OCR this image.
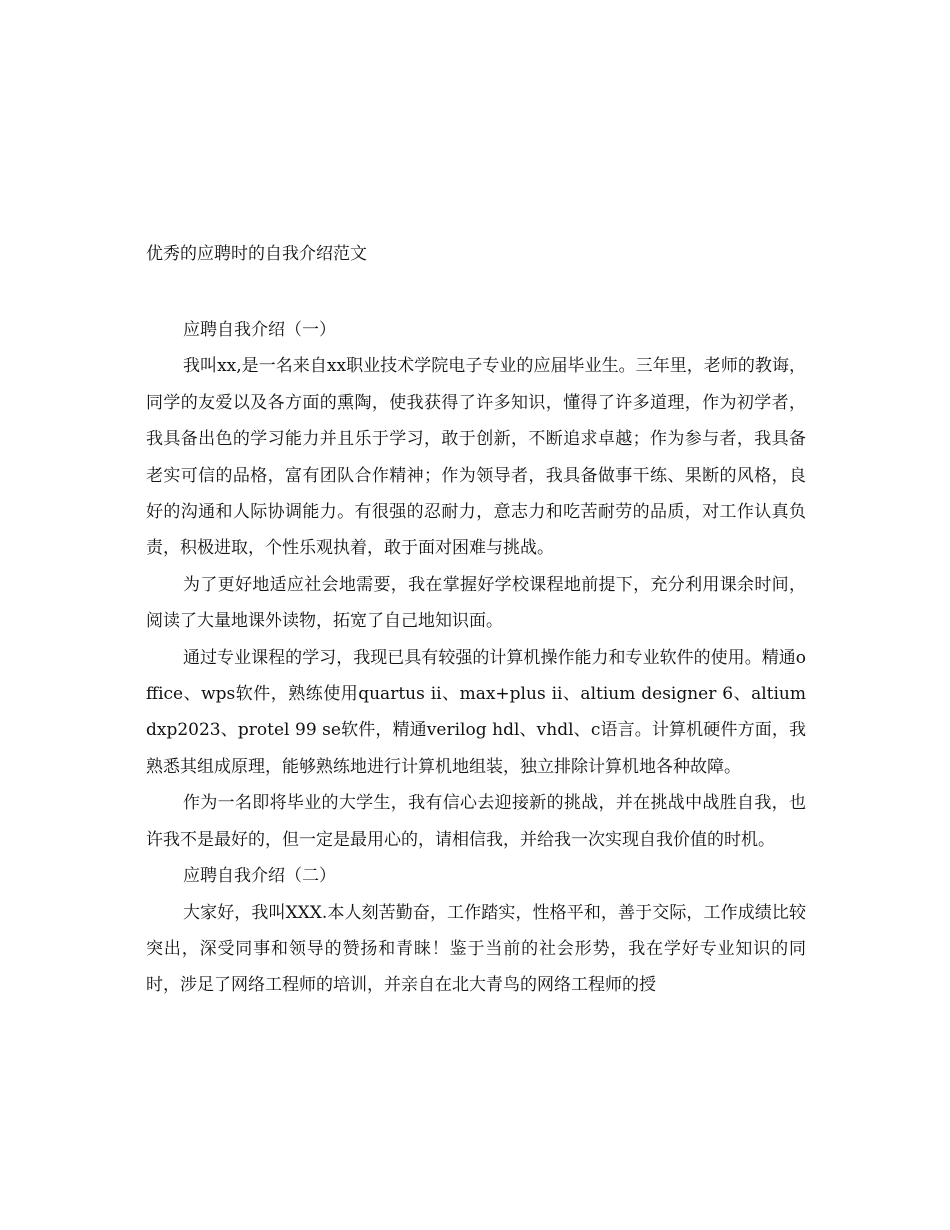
优秀的应聘时的自我介绍范文

应聘自我介绍（一）

我叫xx,是一名来自xx职业技术学院电子专业的应届毕业生。三年里，老师的教诲，同学的友爱以及各方面的熏陶，使我获得了许多知识，懂得了许多道理，作为初学者，我具备出色的学习能力并且乐于学习，敢于创新，不断追求卓越；作为参与者，我具备老实可信的品格，富有团队合作精神；作为领导者，我具备做事干练、果断的风格，良好的沟通和人际协调能力。有很强的忍耐力，意志力和吃苦耐劳的品质，对工作认真负责，积极进取，个性乐观执着，敢于面对困难与挑战。

为了更好地适应社会地需要，我在掌握好学校课程地前提下，充分利用课余时间，阅读了大量地课外读物，拓宽了自己地知识面。

通过专业课程的学习，我现已具有较强的计算机操作能力和专业软件的使用。精通office、wps软件，熟练使用quartus ii、max+plus ii、altium designer 6、altium dxp2023、protel 99 se软件，精通verilog hdl、vhdl、c语言。计算机硬件方面，我熟悉其组成原理，能够熟练地进行计算机地组装，独立排除计算机地各种故障。

作为一名即将毕业的大学生，我有信心去迎接新的挑战，并在挑战中战胜自我，也许我不是最好的，但一定是最用心的，请相信我，并给我一次实现自我价值的时机。

应聘自我介绍（二）

大家好，我叫XXX.本人刻苦勤奋，工作踏实，性格平和，善于交际，工作成绩比较突出，深受同事和领导的赞扬和青睐！鉴于当前的社会形势，我在学好专业知识的同时，涉足了网络工程师的培训，并亲自在北大青鸟的网络工程师的授
